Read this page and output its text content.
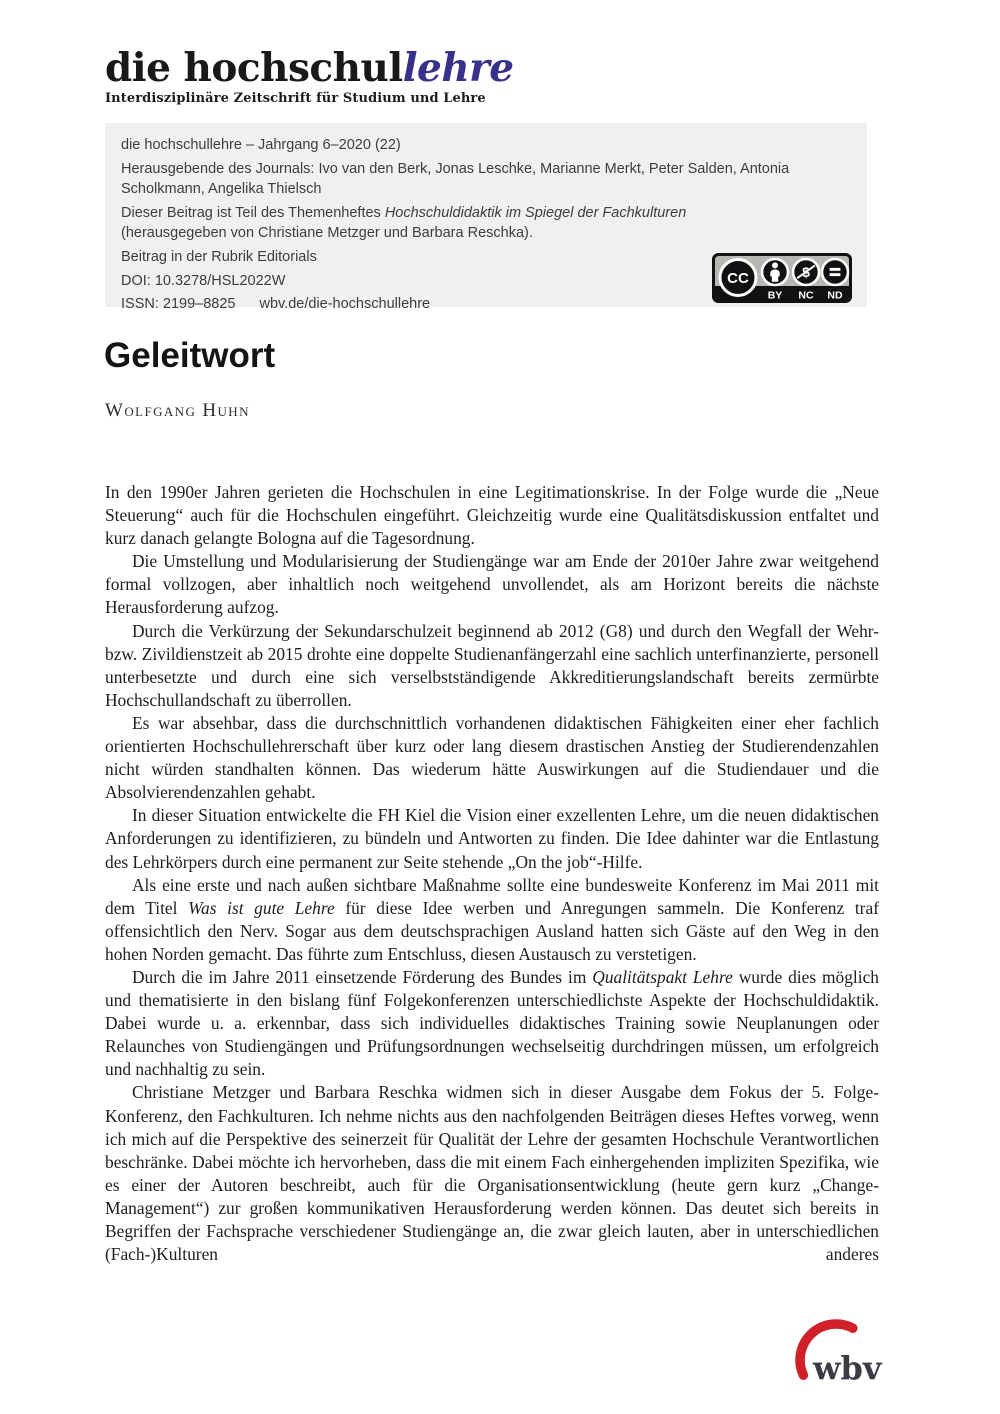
die hochschullehre
Interdisziplinäre Zeitschrift für Studium und Lehre

die hochschullehre – Jahrgang 6–2020 (22)

Herausgebende des Journals: Ivo van den Berk, Jonas Leschke, Marianne Merkt, Peter Salden, Antonia Scholkmann, Angelika Thielsch

Dieser Beitrag ist Teil des Themenheftes Hochschuldidaktik im Spiegel der Fachkulturen
(herausgegeben von Christiane Metzger und Barbara Reschka).

Beitrag in der Rubrik Editorials

DOI: 10.3278/HSL2022W

ISSN: 2199–8825 wbv.de/die-hochschullehre

CC	$
BY NC ND
Geleitwort
Wolfgang Huhn

In den 1990er Jahren gerieten die Hochschulen in eine Legitimationskrise. In der Folge wurde die „Neue Steuerung“ auch für die Hochschulen eingeführt. Gleichzeitig wurde eine Qualitätsdiskussion entfaltet und kurz danach gelangte Bologna auf die Tagesordnung.

Die Umstellung und Modularisierung der Studiengänge war am Ende der 2010er Jahre zwar weitgehend formal vollzogen, aber inhaltlich noch weitgehend unvollendet, als am Horizont bereits die nächste Herausforderung aufzog.

Durch die Verkürzung der Sekundarschulzeit beginnend ab 2012 (G8) und durch den Wegfall der Wehr- bzw. Zivildienstzeit ab 2015 drohte eine doppelte Studienanfängerzahl eine sachlich unterfinanzierte, personell unterbesetzte und durch eine sich verselbstständigende Akkreditierungslandschaft bereits zermürbte Hochschullandschaft zu überrollen.

Es war absehbar, dass die durchschnittlich vorhandenen didaktischen Fähigkeiten einer eher fachlich orientierten Hochschullehrerschaft über kurz oder lang diesem drastischen Anstieg der Studierendenzahlen nicht würden standhalten können. Das wiederum hätte Auswirkungen auf die Studiendauer und die Absolvierendenzahlen gehabt.

In dieser Situation entwickelte die FH Kiel die Vision einer exzellenten Lehre, um die neuen didaktischen Anforderungen zu identifizieren, zu bündeln und Antworten zu finden. Die Idee dahinter war die Entlastung des Lehrkörpers durch eine permanent zur Seite stehende „On the job“-Hilfe.

Als eine erste und nach außen sichtbare Maßnahme sollte eine bundesweite Konferenz im Mai 2011 mit dem Titel Was ist gute Lehre für diese Idee werben und Anregungen sammeln. Die Konferenz traf offensichtlich den Nerv. Sogar aus dem deutschsprachigen Ausland hatten sich Gäste auf den Weg in den hohen Norden gemacht. Das führte zum Entschluss, diesen Austausch zu verstetigen.

Durch die im Jahre 2011 einsetzende Förderung des Bundes im Qualitätspakt Lehre wurde dies möglich und thematisierte in den bislang fünf Folgekonferenzen unterschiedlichste Aspekte der Hochschuldidaktik. Dabei wurde u. a. erkennbar, dass sich individuelles didaktisches Training sowie Neuplanungen oder Relaunches von Studiengängen und Prüfungsordnungen wechselseitig durchdringen müssen, um erfolgreich und nachhaltig zu sein.

Christiane Metzger und Barbara Reschka widmen sich in dieser Ausgabe dem Fokus der 5. Folge-Konferenz, den Fachkulturen. Ich nehme nichts aus den nachfolgenden Beiträgen dieses Heftes vorweg, wenn ich mich auf die Perspektive des seinerzeit für Qualität der Lehre der gesamten Hochschule Verantwortlichen beschränke. Dabei möchte ich hervorheben, dass die mit einem Fach einhergehenden impliziten Spezifika, wie es einer der Autoren beschreibt, auch für die Organisationsentwicklung (heute gern kurz „Change-Management“) zur großen kommunikativen Herausforderung werden können. Das deutet sich bereits in Begriffen der Fachsprache verschiedener Studiengänge an, die zwar gleich lauten, aber in unterschiedlichen (Fach-)Kulturen anderes

wbv
